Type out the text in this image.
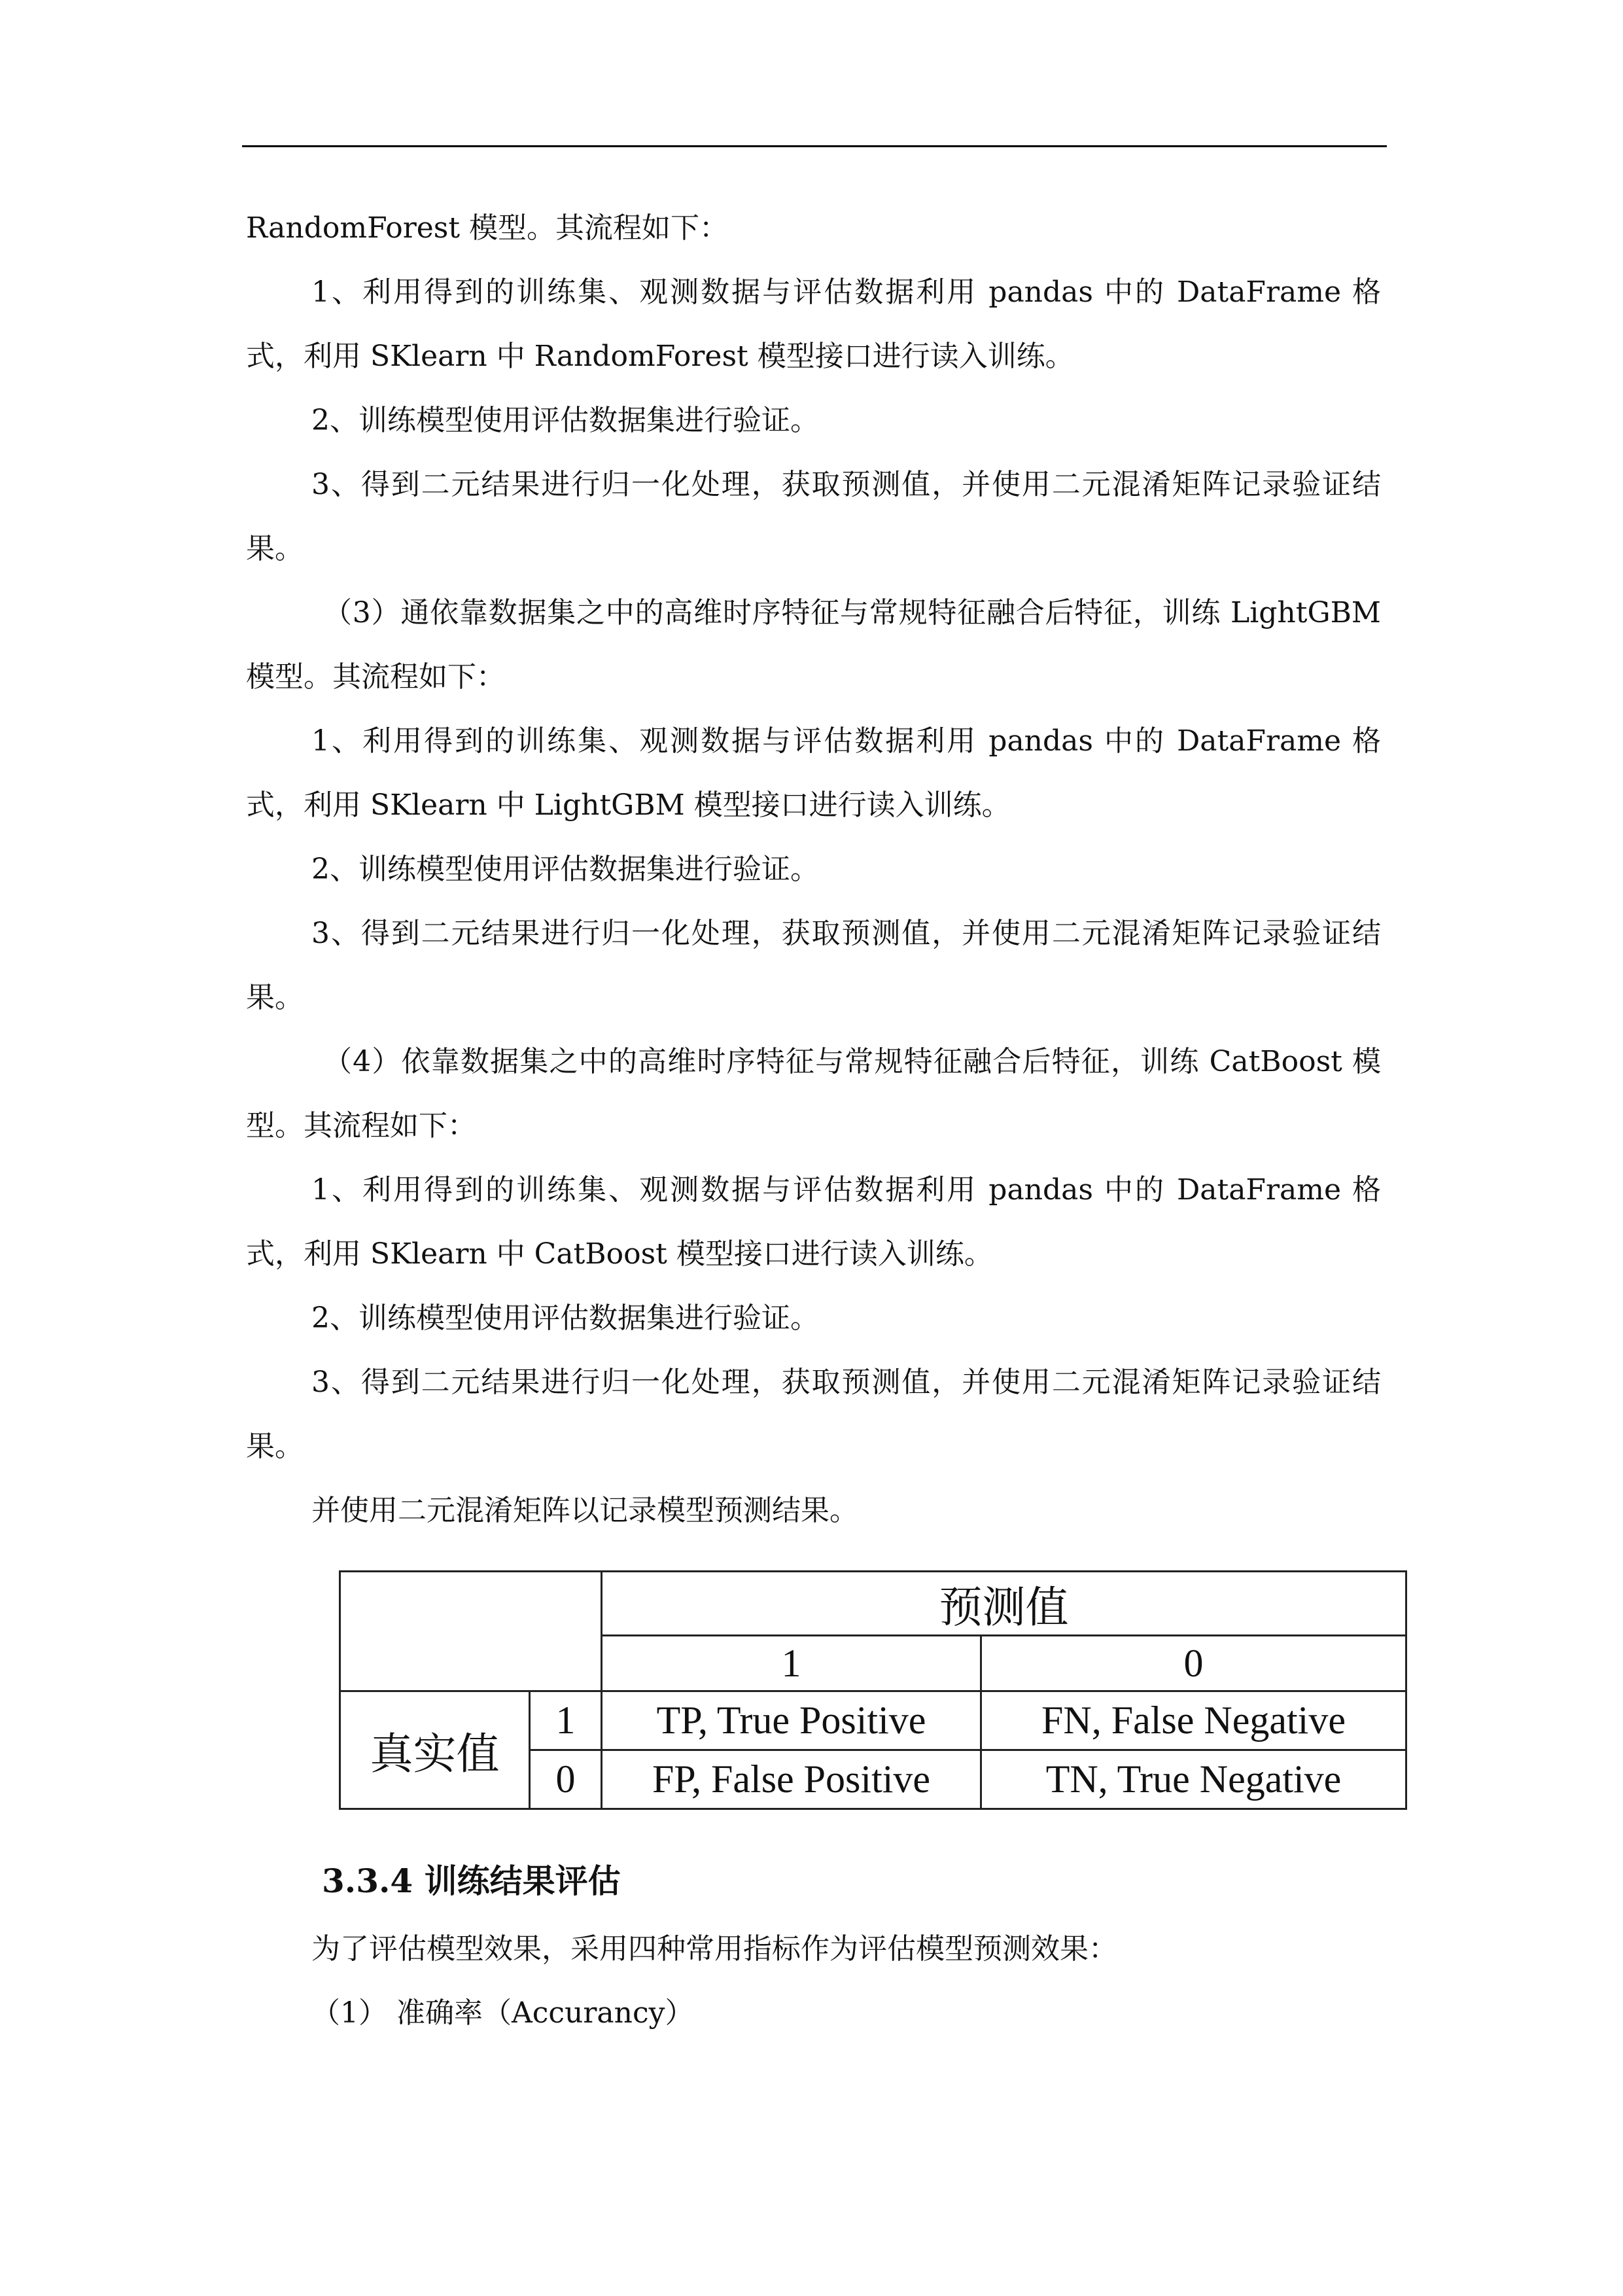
RandomForest 模型。其流程如下：

1、利用得到的训练集、观测数据与评估数据利用 pandas 中的 DataFrame 格式，利用 SKlearn 中 RandomForest 模型接口进行读入训练。

2、训练模型使用评估数据集进行验证。

3、得到二元结果进行归一化处理，获取预测值，并使用二元混淆矩阵记录验证结果。

（3）通依靠数据集之中的高维时序特征与常规特征融合后特征，训练 LightGBM 模型。其流程如下：

1、利用得到的训练集、观测数据与评估数据利用 pandas 中的 DataFrame 格式，利用 SKlearn 中 LightGBM 模型接口进行读入训练。

2、训练模型使用评估数据集进行验证。

3、得到二元结果进行归一化处理，获取预测值，并使用二元混淆矩阵记录验证结果。

（4）依靠数据集之中的高维时序特征与常规特征融合后特征，训练 CatBoost 模型。其流程如下：

1、利用得到的训练集、观测数据与评估数据利用 pandas 中的 DataFrame 格式，利用 SKlearn 中 CatBoost 模型接口进行读入训练。

2、训练模型使用评估数据集进行验证。

3、得到二元结果进行归一化处理，获取预测值，并使用二元混淆矩阵记录验证结果。

并使用二元混淆矩阵以记录模型预测结果。

		预测值	
		1	0
真实值	1	TP, True Positive	FN, False Negative
	0	FP, False Positive	TN, True Negative
3.3.4 训练结果评估

为了评估模型效果，采用四种常用指标作为评估模型预测效果：

（1） 准确率（Accurancy）
